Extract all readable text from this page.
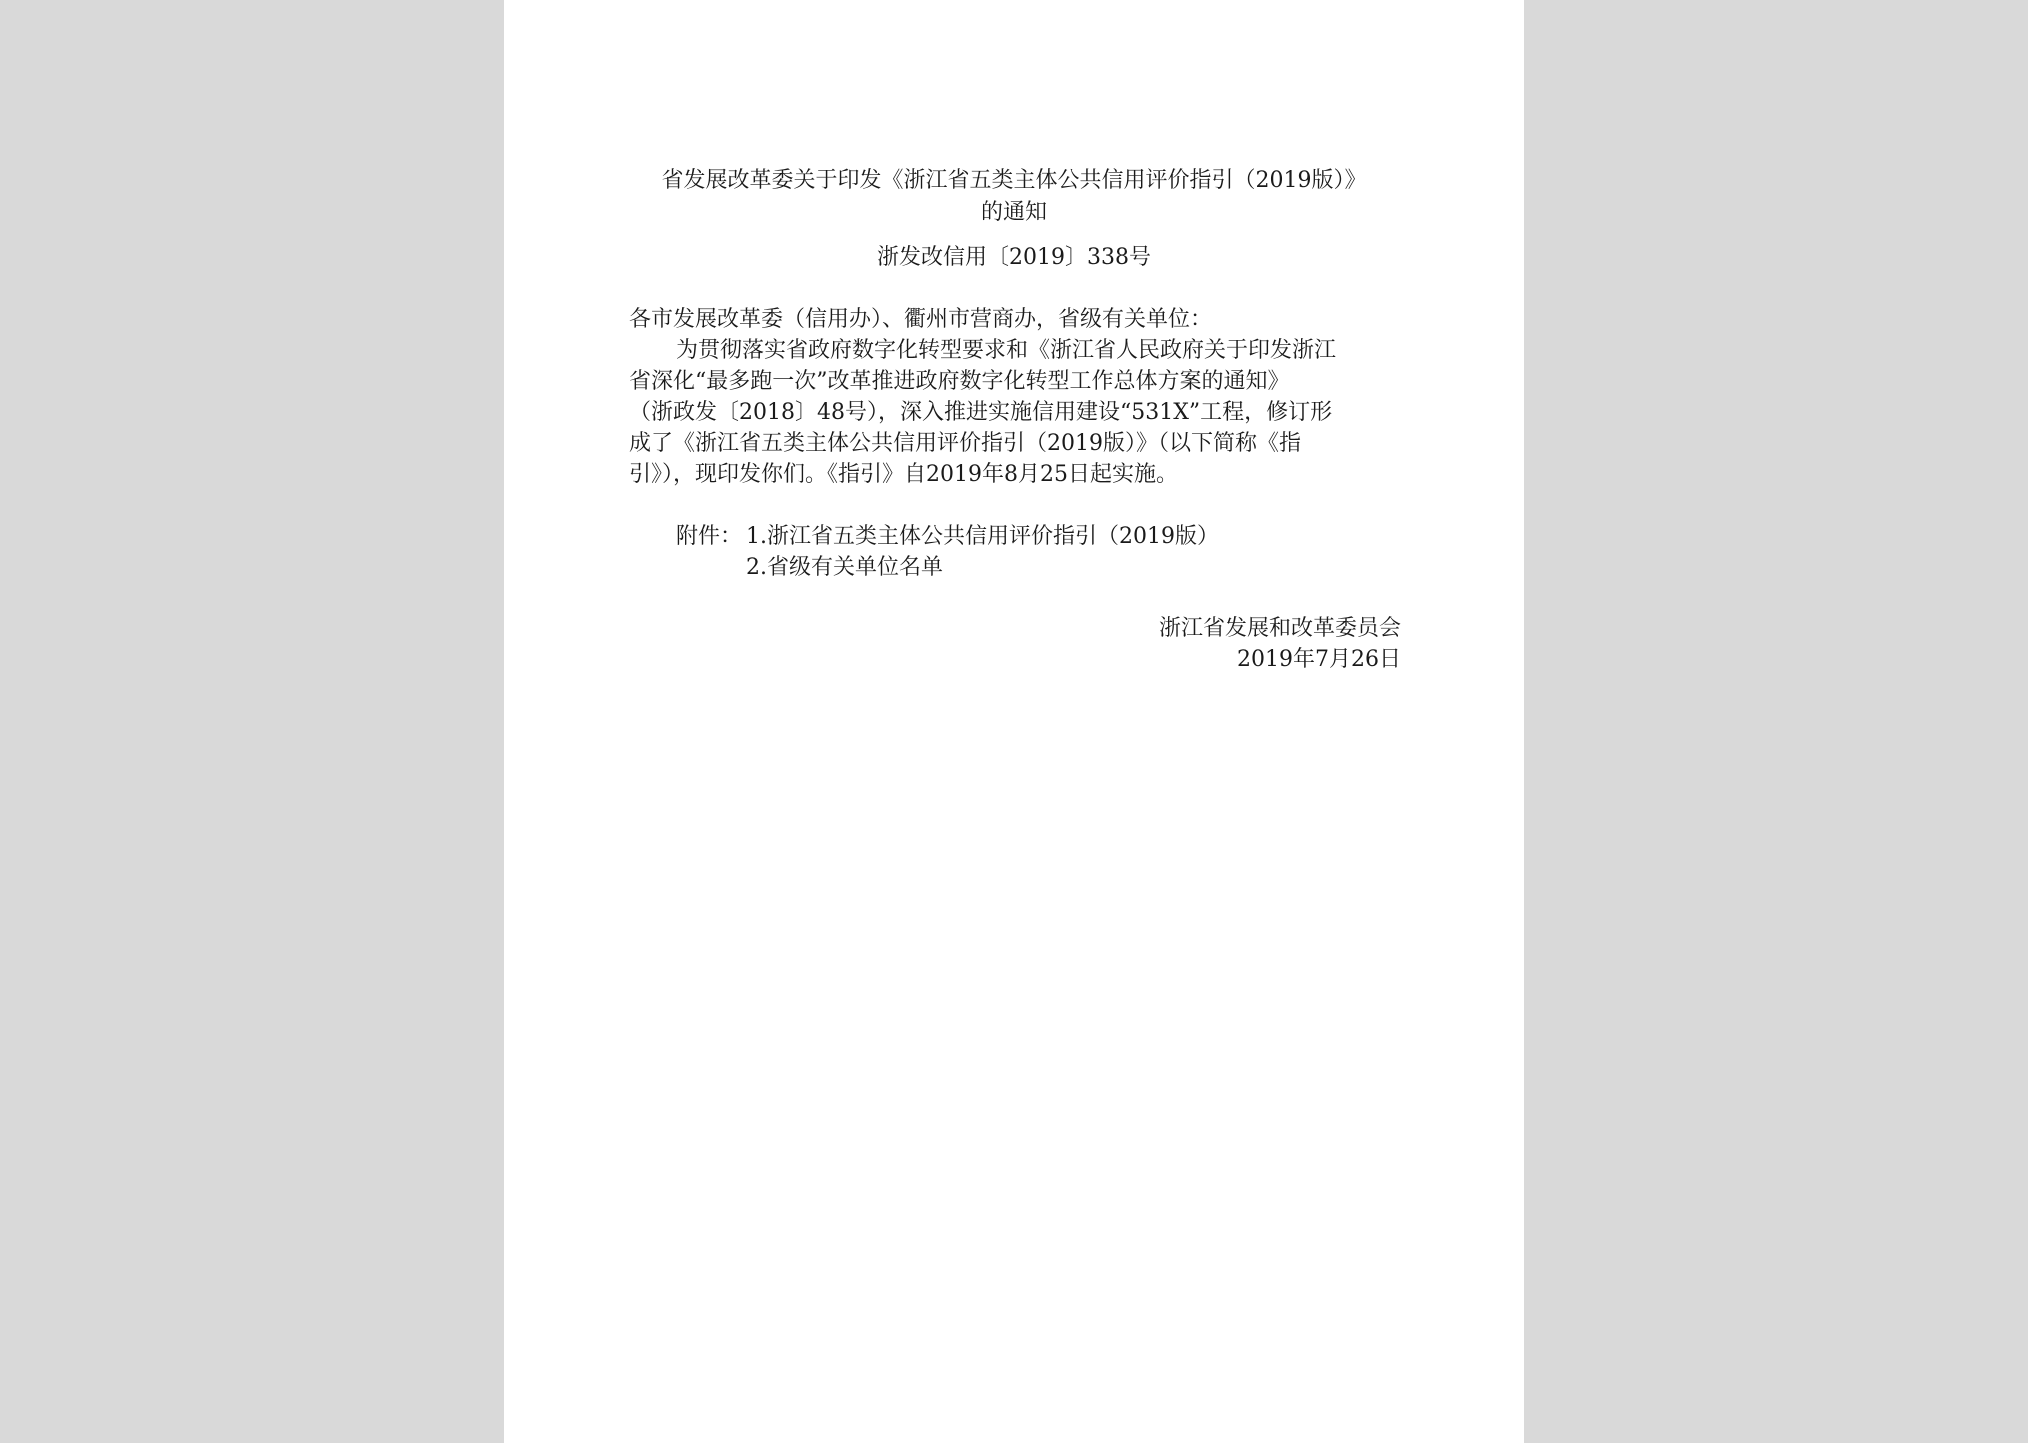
省发展改革委关于印发《浙江省五类主体公共信用评价指引（2019版）》
的通知
浙发改信用〔2019〕338号
各市发展改革委（信用办）、衢州市营商办，省级有关单位：
为贯彻落实省政府数字化转型要求和《浙江省人民政府关于印发浙江
省深化“最多跑一次”改革推进政府数字化转型工作总体方案的通知》
（浙政发〔2018〕48号），深入推进实施信用建设“531X”工程，修订形
成了《浙江省五类主体公共信用评价指引（2019版）》（以下简称《指
引》），现印发你们。《指引》自2019年8月25日起实施。
附件： 1.浙江省五类主体公共信用评价指引（2019版）
2.省级有关单位名单
浙江省发展和改革委员会
2019年7月26日
